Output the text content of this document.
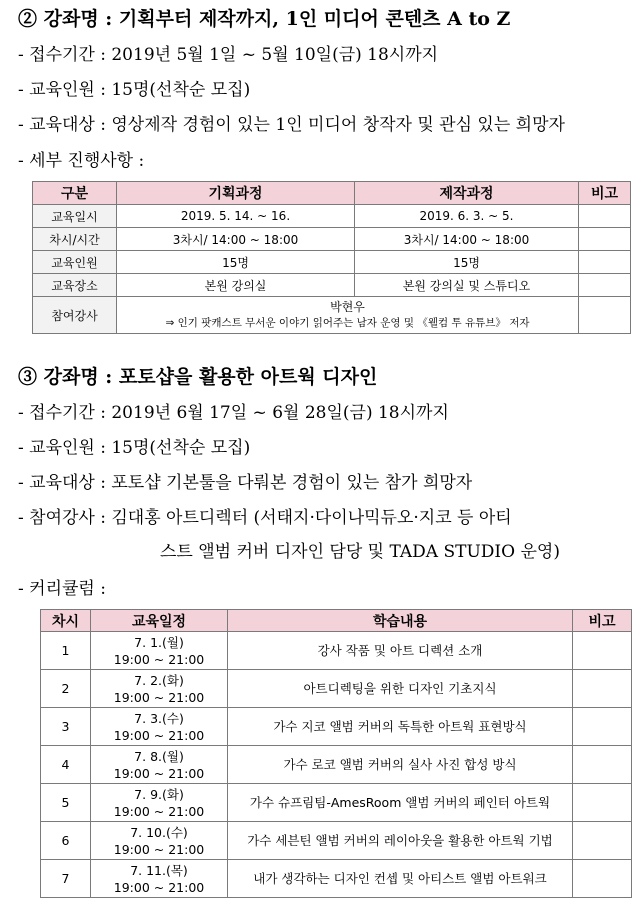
② 강좌명 : 기획부터 제작까지, 1인 미디어 콘텐츠 A to Z
- 접수기간 : 2019년 5월 1일 ~ 5월 10일(금) 18시까지
- 교육인원 : 15명(선착순 모집)
- 교육대상 : 영상제작 경험이 있는 1인 미디어 창작자 및 관심 있는 희망자
- 세부 진행사항 :
구분	기획과정	제작과정	비고
교육일시	2019. 5. 14. ~ 16.	2019. 6. 3. ~ 5.	
차시/시간	3차시/ 14:00 ~ 18:00	3차시/ 14:00 ~ 18:00	
교육인원	15명	15명	
교육장소	본원 강의실	본원 강의실 및 스튜디오	
참여강사	박현우
⇒ 인기 팟캐스트 무서운 이야기 읽어주는 남자 운영 및 《웰컴 투 유튜브》 저자		

③ 강좌명 : 포토샵을 활용한 아트웍 디자인
- 접수기간 : 2019년 6월 17일 ~ 6월 28일(금) 18시까지
- 교육인원 : 15명(선착순 모집)
- 교육대상 : 포토샵 기본툴을 다뤄본 경험이 있는 참가 희망자
- 참여강사 : 김대홍 아트디렉터 (서태지·다이나믹듀오·지코 등 아티
스트 앨범 커버 디자인 담당 및 TADA STUDIO 운영)
- 커리큘럼 :
차시	교육일정	학습내용	비고
1	7. 1.(월)
19:00 ~ 21:00	강사 작품 및 아트 디렉션 소개	
2	7. 2.(화)
19:00 ~ 21:00	아트디렉팅을 위한 디자인 기초지식	
3	7. 3.(수)
19:00 ~ 21:00	가수 지코 앨범 커버의 독특한 아트웍 표현방식	
4	7. 8.(월)
19:00 ~ 21:00	가수 로코 앨범 커버의 실사 사진 합성 방식	
5	7. 9.(화)
19:00 ~ 21:00	가수 슈프림팀-AmesRoom 앨범 커버의 페인터 아트웍	
6	7. 10.(수)
19:00 ~ 21:00	가수 세븐틴 앨범 커버의 레이아웃을 활용한 아트웍 기법	
7	7. 11.(목)
19:00 ~ 21:00	내가 생각하는 디자인 컨셉 및 아티스트 앨범 아트워크	
